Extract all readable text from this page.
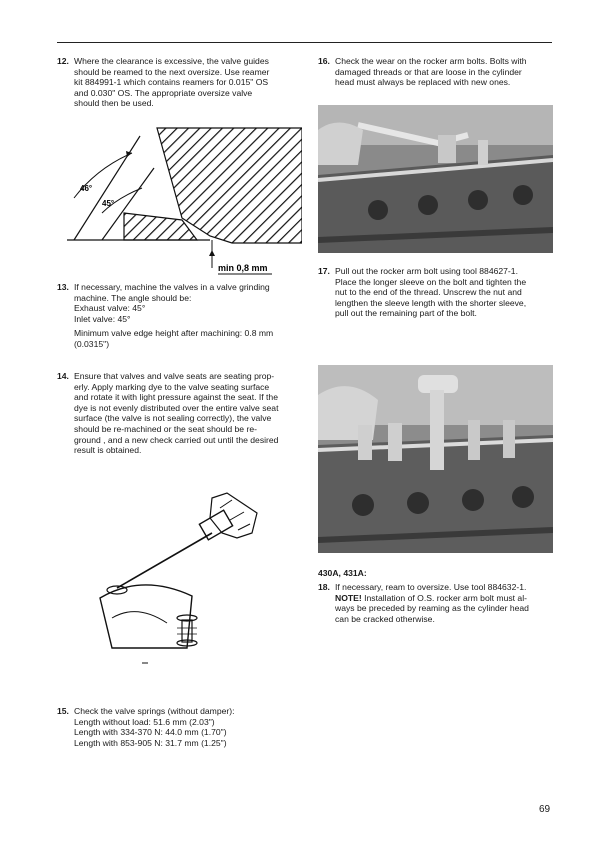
12. Where the clearance is excessive, the valve guides
should be reamed to the next oversize. Use reamer
kit 884991-1 which contains reamers for 0.015" OS
and 0.030" OS. The appropriate oversize valve
should then be used.
46°
45°
min 0,8 mm
13. If necessary, machine the valves in a valve grinding
machine. The angle should be:
Exhaust valve: 45°
Inlet valve: 45°
Minimum valve edge height after machining: 0.8 mm
(0.0315")
14. Ensure that valves and valve seats are seating prop-
erly. Apply marking dye to the valve seating surface
and rotate it with light pressure against the seat. If the
dye is not evenly distributed over the entire valve seat
surface (the valve is not sealing correctly), the valve
should be re-machined or the seat should be re-
ground , and a new check carried out until the desired
result is obtained.
15. Check the valve springs (without damper):
Length without load: 51.6 mm (2.03")
Length with 334-370 N: 44.0 mm (1.70")
Length with 853-905 N: 31.7 mm (1.25")
16. Check the wear on the rocker arm bolts. Bolts with
damaged threads or that are loose in the cylinder
head must always be replaced with new ones.
17. Pull out the rocker arm bolt using tool 884627-1.
Place the longer sleeve on the bolt and tighten the
nut to the end of the thread. Unscrew the nut and
lengthen the sleeve length with the shorter sleeve,
pull out the remaining part of the bolt.
430A, 431A:
18. If necessary, ream to oversize. Use tool 884632-1.
NOTE! Installation of O.S. rocker arm bolt must al-
ways be preceded by reaming as the cylinder head
can be cracked otherwise.
69
